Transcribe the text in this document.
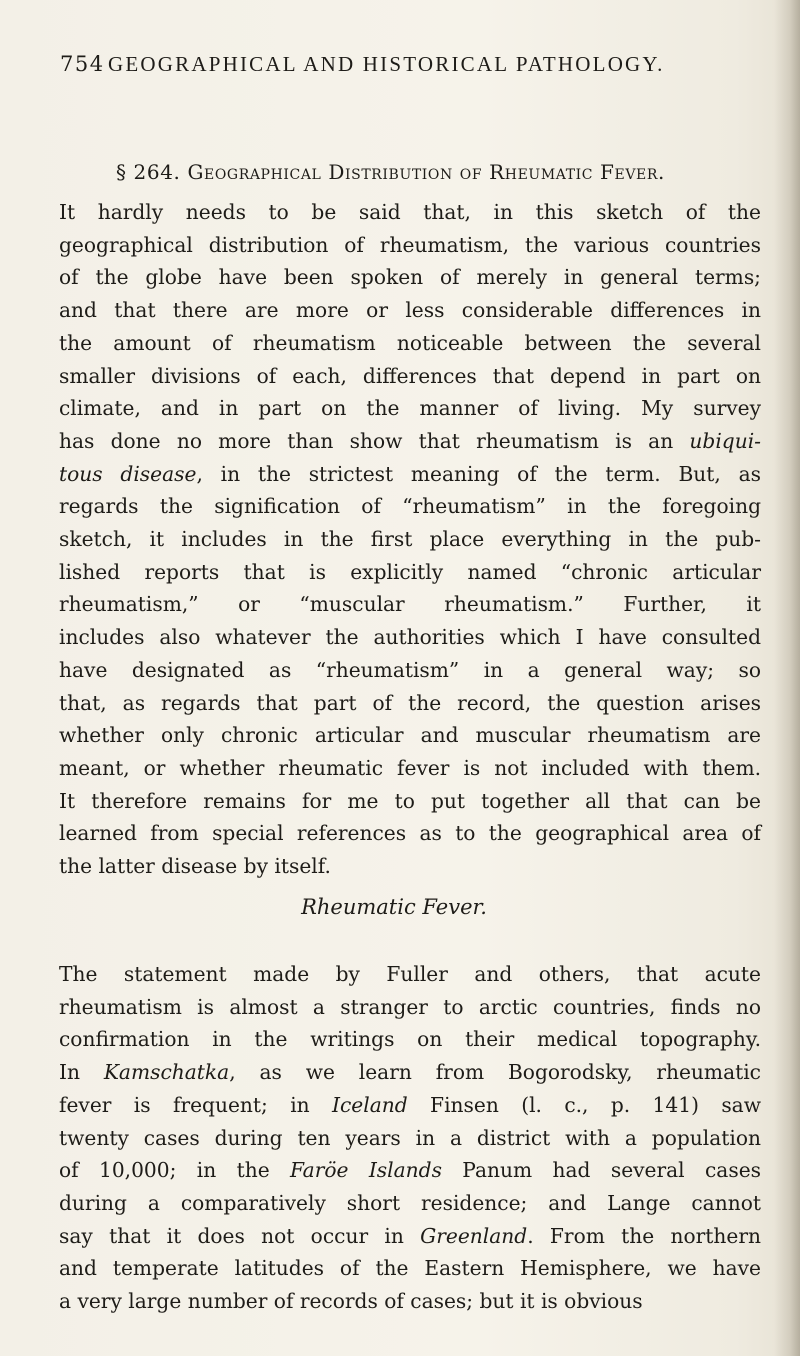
754 GEOGRAPHICAL AND HISTORICAL PATHOLOGY.
§ 264. Geographical Distribution of Rheumatic Fever.
It hardly needs to be said that, in this sketch of the
geographical distribution of rheumatism, the various countries
of the globe have been spoken of merely in general terms;
and that there are more or less considerable differences in
the amount of rheumatism noticeable between the several
smaller divisions of each, differences that depend in part on
climate, and in part on the manner of living. My survey
has done no more than show that rheumatism is an ubiqui-
tous disease, in the strictest meaning of the term. But, as
regards the signification of “rheumatism” in the foregoing
sketch, it includes in the first place everything in the pub-
lished reports that is explicitly named “chronic articular
rheumatism,” or “muscular rheumatism.” Further, it
includes also whatever the authorities which I have consulted
have designated as “rheumatism” in a general way; so
that, as regards that part of the record, the question arises
whether only chronic articular and muscular rheumatism are
meant, or whether rheumatic fever is not included with them.
It therefore remains for me to put together all that can be
learned from special references as to the geographical area of
the latter disease by itself.
Rheumatic Fever.
The statement made by Fuller and others, that acute
rheumatism is almost a stranger to arctic countries, finds no
confirmation in the writings on their medical topography.
In Kamschatka, as we learn from Bogorodsky, rheumatic
fever is frequent; in Iceland Finsen (l. c., p. 141) saw
twenty cases during ten years in a district with a population
of 10,000; in the Faröe Islands Panum had several cases
during a comparatively short residence; and Lange cannot
say that it does not occur in Greenland. From the northern
and temperate latitudes of the Eastern Hemisphere, we have
a very large number of records of cases; but it is obvious
